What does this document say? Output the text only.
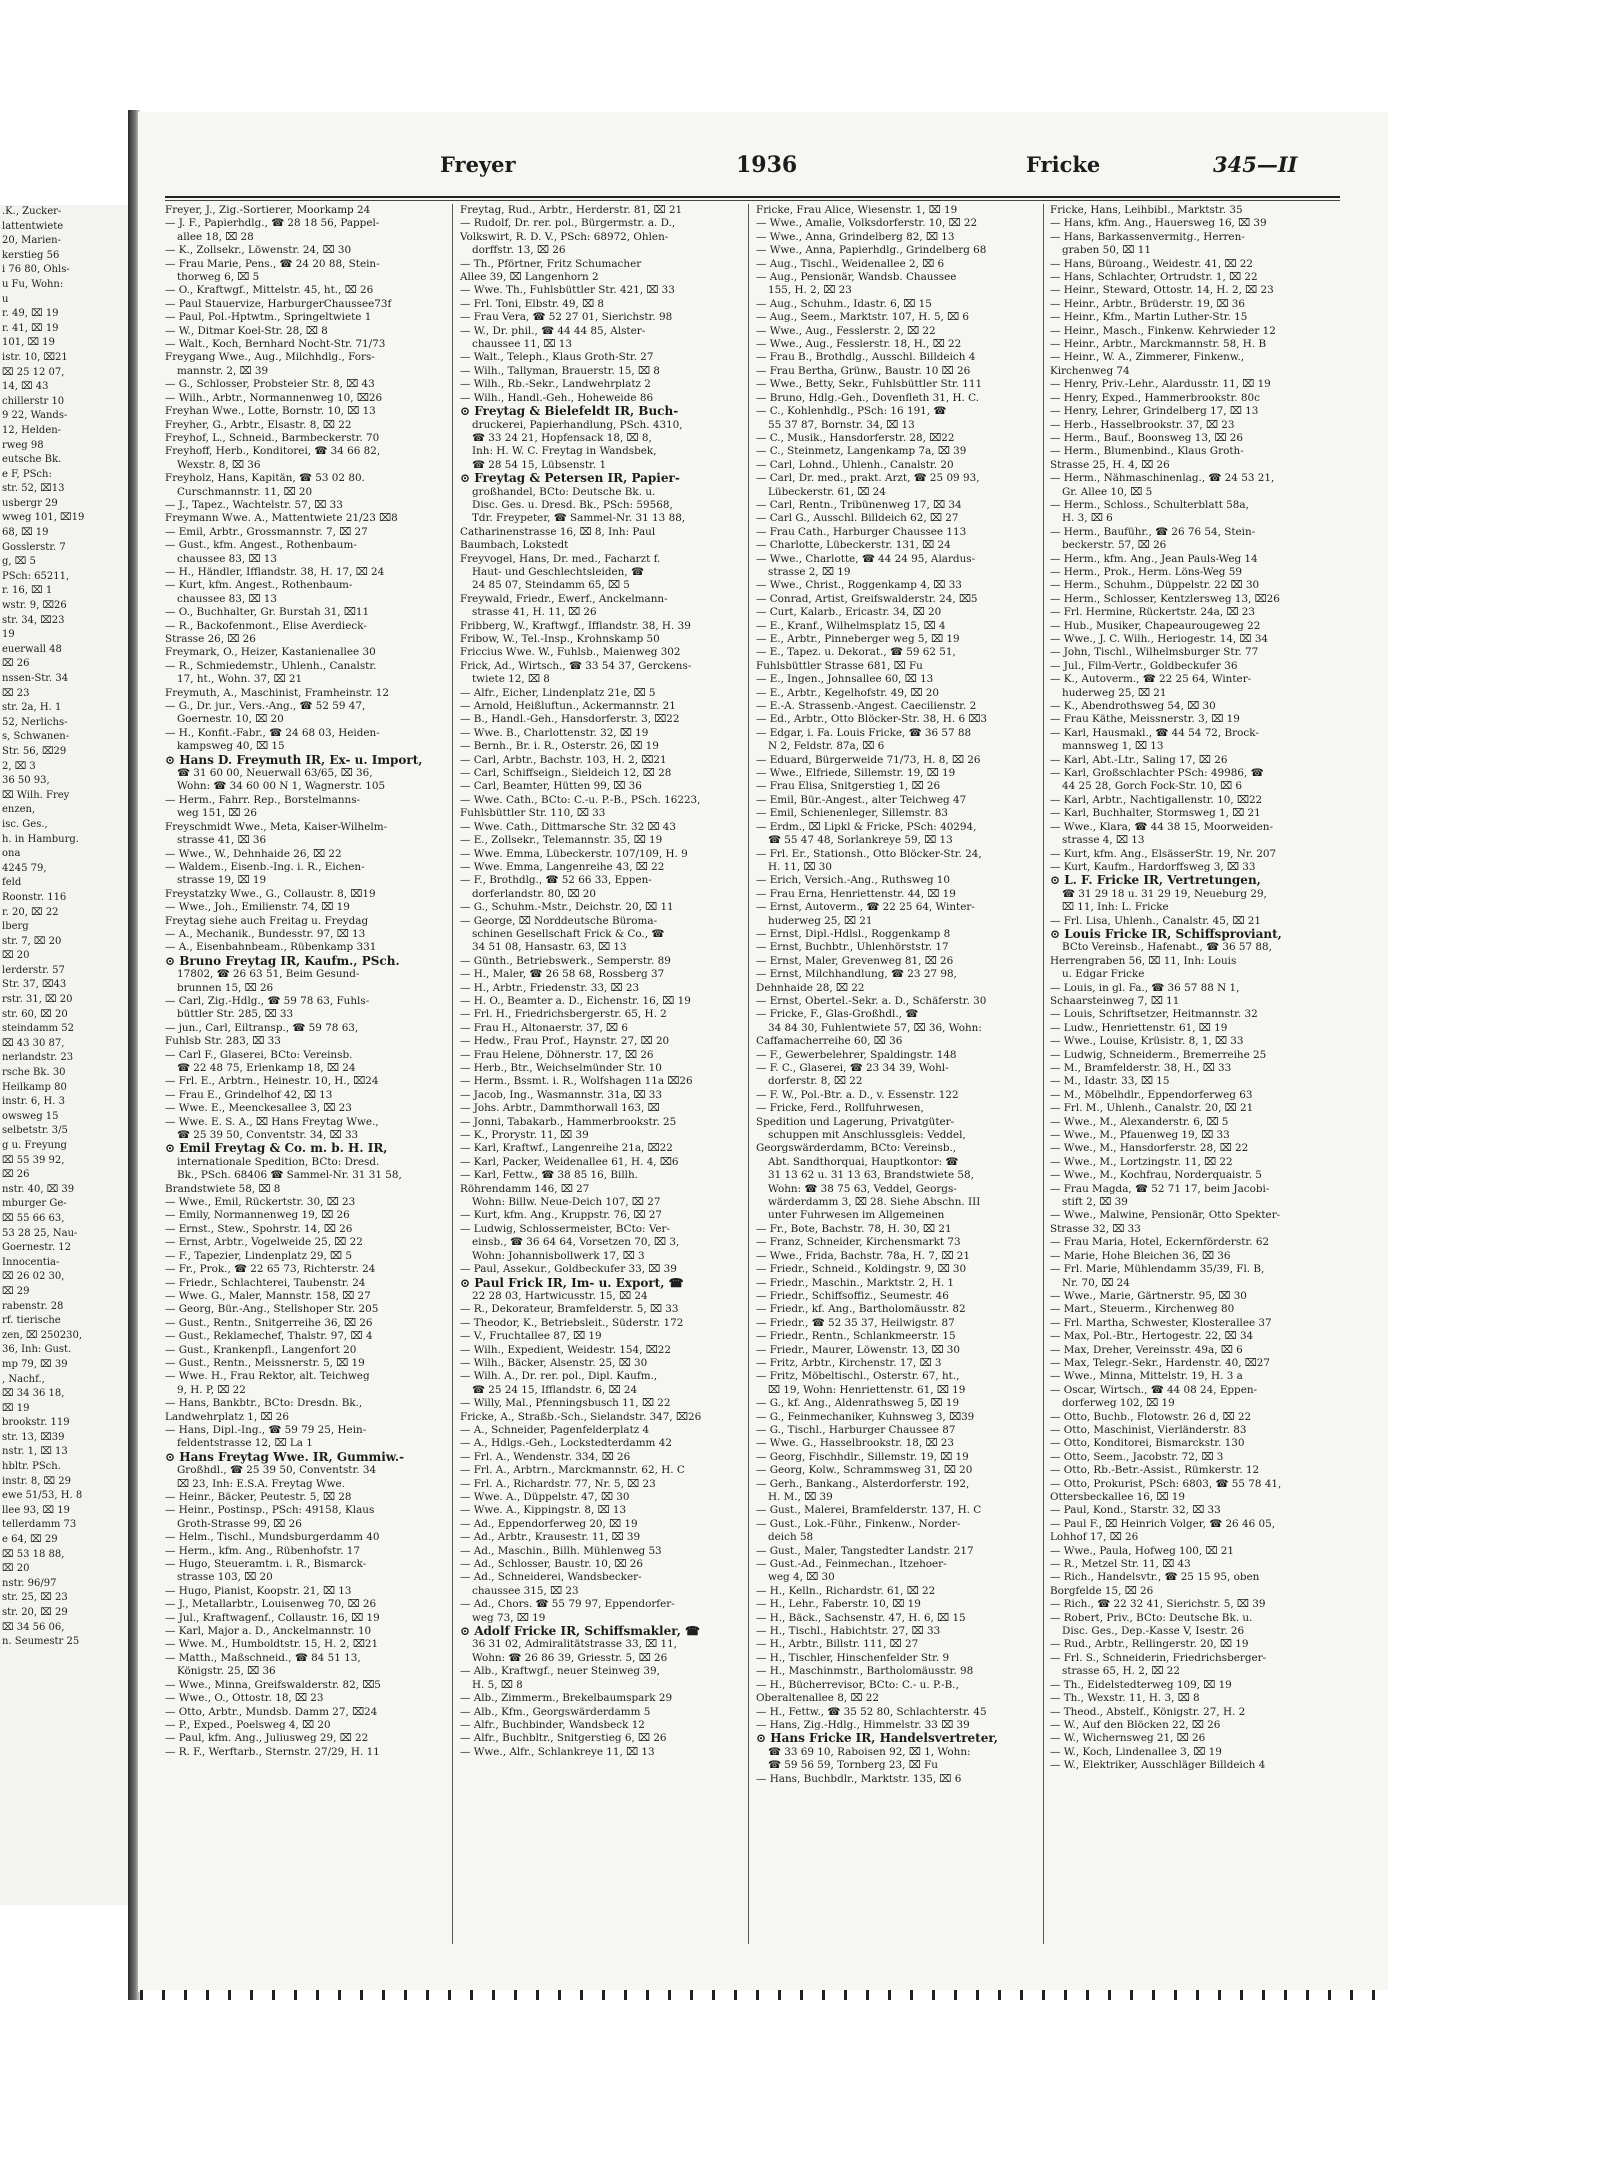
.K., Zucker-
lattentwiete
20, Marien-
kerstieg 56
i 76 80, Ohls-
u Fu, Wohn:
u
r. 49, ⌧ 19
r. 41, ⌧ 19
101, ⌧ 19
istr. 10, ⌧21
⌧ 25 12 07,
14, ⌧ 43
chillerstr 10
9 22, Wands-
12, Helden-
rweg 98
eutsche Bk.
e F, PSch:
str. 52, ⌧13
usbergr 29
wweg 101, ⌧19
68, ⌧ 19
Gosslerstr. 7
g, ⌧ 5
PSch: 65211,
r. 16, ⌧ 1
wstr. 9, ⌧26
str. 34, ⌧23
19
euerwall 48
⌧ 26
nssen-Str. 34
⌧ 23
str. 2a, H. 1
52, Nerlichs-
s, Schwanen-
Str. 56, ⌧29
2, ⌧ 3
36 50 93,
⌧ Wilh. Frey
enzen,
isc. Ges.,
h. in Hamburg.
ona
4245 79,
feld
Roonstr. 116
r. 20, ⌧ 22
lberg
str. 7, ⌧ 20
⌧ 20
lerderstr. 57
Str. 37, ⌧43
rstr. 31, ⌧ 20
str. 60, ⌧ 20
steindamm 52
⌧ 43 30 87,
nerlandstr. 23
rsche Bk. 30
Heilkamp 80
instr. 6, H. 3
owsweg 15
selbetstr. 3/5
g u. Freyung
⌧ 55 39 92,
⌧ 26
nstr. 40, ⌧ 39
mburger Ge-
⌧ 55 66 63,
53 28 25, Nau-
Goernestr. 12
Innocentia-
⌧ 26 02 30,
⌧ 29
rabenstr. 28
rf. tierische
zen, ⌧ 250230,
36, Inh: Gust.
mp 79, ⌧ 39
, Nachf.,
⌧ 34 36 18,
⌧ 19
brookstr. 119
str. 13, ⌧39
nstr. 1, ⌧ 13
hbltr. PSch.
instr. 8, ⌧ 29
ewe 51/53, H. 8
llee 93, ⌧ 19
tellerdamm 73
e 64, ⌧ 29
⌧ 53 18 88,
⌧ 20
nstr. 96/97
str. 25, ⌧ 23
str. 20, ⌧ 29
⌧ 34 56 06,
n. Seumestr 25
Freyer	1936	Fricke	345—II
Freyer, J., Zig.-Sortierer, Moorkamp 24
— J. F., Papierhdlg., ☎ 28 18 56, Pappel-
allee 18, ⌧ 28
— K., Zollsekr., Löwenstr. 24, ⌧ 30
— Frau Marie, Pens., ☎ 24 20 88, Stein-
thorweg 6, ⌧ 5
— O., Kraftwgf., Mittelstr. 45, ht., ⌧ 26
— Paul Stauervize, HarburgerChaussee73f
— Paul, Pol.-Hptwtm., Springeltwiete 1
— W., Ditmar Koel-Str. 28, ⌧ 8
— Walt., Koch, Bernhard Nocht-Str. 71/73
Freygang Wwe., Aug., Milchhdlg., Fors-
mannstr. 2, ⌧ 39
— G., Schlosser, Probsteier Str. 8, ⌧ 43
— Wilh., Arbtr., Normannenweg 10, ⌧26
Freyhan Wwe., Lotte, Bornstr. 10, ⌧ 13
Freyher, G., Arbtr., Elsastr. 8, ⌧ 22
Freyhof, L., Schneid., Barmbeckerstr. 70
Freyhoff, Herb., Konditorei, ☎ 34 66 82,
Wexstr. 8, ⌧ 36
Freyholz, Hans, Kapitän, ☎ 53 02 80.
Curschmannstr. 11, ⌧ 20
— J., Tapez., Wachtelstr. 57, ⌧ 33
Freymann Wwe. A., Mattentwiete 21/23 ⌧8
— Emil, Arbtr., Grossmannstr. 7, ⌧ 27
— Gust., kfm. Angest., Rothenbaum-
chaussee 83, ⌧ 13
— H., Händler, Ifflandstr. 38, H. 17, ⌧ 24
— Kurt, kfm. Angest., Rothenbaum-
chaussee 83, ⌧ 13
— O., Buchhalter, Gr. Burstah 31, ⌧11
— R., Backofenmont., Elise Averdieck-
Strasse 26, ⌧ 26
Freymark, O., Heizer, Kastanienallee 30
— R., Schmiedemstr., Uhlenh., Canalstr.
17, ht., Wohn. 37, ⌧ 21
Freymuth, A., Maschinist, Framheinstr. 12
— G., Dr. jur., Vers.-Ang., ☎ 52 59 47,
Goernestr. 10, ⌧ 20
— H., Konfit.-Fabr., ☎ 24 68 03, Heiden-
kampsweg 40, ⌧ 15
⊙ Hans D. Freymuth IR, Ex- u. Import,
☎ 31 60 00, Neuerwall 63/65, ⌧ 36,
Wohn: ☎ 34 60 00 N 1, Wagnerstr. 105
— Herm., Fahrr. Rep., Borstelmanns-
weg 151, ⌧ 26
Freyschmidt Wwe., Meta, Kaiser-Wilhelm-
strasse 41, ⌧ 36
— Wwe., W., Dehnhaide 26, ⌧ 22
— Waldem., Eisenb.-Ing. i. R., Eichen-
strasse 19, ⌧ 19
Freystatzky Wwe., G., Collaustr. 8, ⌧19
— Wwe., Joh., Emilienstr. 74, ⌧ 19
Freytag siehe auch Freitag u. Freydag
— A., Mechanik., Bundesstr. 97, ⌧ 13
— A., Eisenbahnbeam., Rübenkamp 331
⊙ Bruno Freytag IR, Kaufm., PSch.
17802, ☎ 26 63 51, Beim Gesund-
brunnen 15, ⌧ 26
— Carl, Zig.-Hdlg., ☎ 59 78 63, Fuhls-
büttler Str. 285, ⌧ 33
— jun., Carl, Eiltransp., ☎ 59 78 63,
Fuhlsb Str. 283, ⌧ 33
— Carl F., Glaserei, BCto: Vereinsb.
☎ 22 48 75, Erlenkamp 18, ⌧ 24
— Frl. E., Arbtrn., Heinestr. 10, H., ⌧24
— Frau E., Grindelhof 42, ⌧ 13
— Wwe. E., Meenckesallee 3, ⌧ 23
— Wwe. E. S. A., ⌧ Hans Freytag Wwe.,
☎ 25 39 50, Conventstr. 34, ⌧ 33
⊙ Emil Freytag & Co. m. b. H. IR,
internationale Spedition, BCto: Dresd.
Bk., PSch. 68406 ☎ Sammel-Nr. 31 31 58,
Brandstwiete 58, ⌧ 8
— Wwe., Emil, Rückertstr. 30, ⌧ 23
— Emily, Normannenweg 19, ⌧ 26
— Ernst., Stew., Spohrstr. 14, ⌧ 26
— Ernst, Arbtr., Vogelweide 25, ⌧ 22
— F., Tapezier, Lindenplatz 29, ⌧ 5
— Fr., Prok., ☎ 22 65 73, Richterstr. 24
— Friedr., Schlachterei, Taubenstr. 24
— Wwe. G., Maler, Mannstr. 158, ⌧ 27
— Georg, Bür.-Ang., Stellshoper Str. 205
— Gust., Rentn., Snitgerreihe 36, ⌧ 26
— Gust., Reklamechef, Thalstr. 97, ⌧ 4
— Gust., Krankenpfl., Langenfort 20
— Gust., Rentn., Meissnerstr. 5, ⌧ 19
— Wwe. H., Frau Rektor, alt. Teichweg
9, H. P, ⌧ 22
— Hans, Bankbtr., BCto: Dresdn. Bk.,
Landwehrplatz 1, ⌧ 26
— Hans, Dipl.-Ing., ☎ 59 79 25, Hein-
feldentstrasse 12, ⌧ La 1
⊙ Hans Freytag Wwe. IR, Gummiw.-
Großhdl., ☎ 25 39 50, Conventstr. 34
⌧ 23, Inh: E.S.A. Freytag Wwe.
— Heinr., Bäcker, Peutestr. 5, ⌧ 28
— Heinr., Postinsp., PSch: 49158, Klaus
Groth-Strasse 99, ⌧ 26
— Helm., Tischl., Mundsburgerdamm 40
— Herm., kfm. Ang., Rübenhofstr. 17
— Hugo, Steueramtm. i. R., Bismarck-
strasse 103, ⌧ 20
— Hugo, Pianist, Koopstr. 21, ⌧ 13
— J., Metallarbtr., Louisenweg 70, ⌧ 26
— Jul., Kraftwagenf., Collaustr. 16, ⌧ 19
— Karl, Major a. D., Anckelmannstr. 10
— Wwe. M., Humboldtstr. 15, H. 2, ⌧21
— Matth., Maßschneid., ☎ 84 51 13,
Königstr. 25, ⌧ 36
— Wwe., Minna, Greifswalderstr. 82, ⌧5
— Wwe., O., Ottostr. 18, ⌧ 23
— Otto, Arbtr., Mundsb. Damm 27, ⌧24
— P., Exped., Poelsweg 4, ⌧ 20
— Paul, kfm. Ang., Juliusweg 29, ⌧ 22
— R. F., Werftarb., Sternstr. 27/29, H. 11
Freytag, Rud., Arbtr., Herderstr. 81, ⌧ 21
— Rudolf, Dr. rer. pol., Bürgermstr. a. D.,
Volkswirt, R. D. V., PSch: 68972, Ohlen-
dorffstr. 13, ⌧ 26
— Th., Pförtner, Fritz Schumacher
Allee 39, ⌧ Langenhorn 2
— Wwe. Th., Fuhlsbüttler Str. 421, ⌧ 33
— Frl. Toni, Elbstr. 49, ⌧ 8
— Frau Vera, ☎ 52 27 01, Sierichstr. 98
— W., Dr. phil., ☎ 44 44 85, Alster-
chaussee 11, ⌧ 13
— Walt., Teleph., Klaus Groth-Str. 27
— Wilh., Tallyman, Brauerstr. 15, ⌧ 8
— Wilh., Rb.-Sekr., Landwehrplatz 2
— Wilh., Handl.-Geh., Hoheweide 86
⊙ Freytag & Bielefeldt IR, Buch-
druckerei, Papierhandlung, PSch. 4310,
☎ 33 24 21, Hopfensack 18, ⌧ 8,
Inh: H. W. C. Freytag in Wandsbek,
☎ 28 54 15, Lübsenstr. 1
⊙ Freytag & Petersen IR, Papier-
großhandel, BCto: Deutsche Bk. u.
Disc. Ges. u. Dresd. Bk., PSch: 59568,
Tdr. Freypeter, ☎ Sammel-Nr. 31 13 88,
Catharinenstrasse 16, ⌧ 8, Inh: Paul
Baumbach, Lokstedt
Freyvogel, Hans, Dr. med., Facharzt f.
Haut- und Geschlechtsleiden, ☎
24 85 07, Steindamm 65, ⌧ 5
Freywald, Friedr., Ewerf., Anckelmann-
strasse 41, H. 11, ⌧ 26
Fribberg, W., Kraftwgf., Ifflandstr. 38, H. 39
Fribow, W., Tel.-Insp., Krohnskamp 50
Friccius Wwe. W., Fuhlsb., Maienweg 302
Frick, Ad., Wirtsch., ☎ 33 54 37, Gerckens-
twiete 12, ⌧ 8
— Alfr., Eicher, Lindenplatz 21e, ⌧ 5
— Arnold, Heißluftun., Ackermannstr. 21
— B., Handl.-Geh., Hansdorferstr. 3, ⌧22
— Wwe. B., Charlottenstr. 32, ⌧ 19
— Bernh., Br. i. R., Osterstr. 26, ⌧ 19
— Carl, Arbtr., Bachstr. 103, H. 2, ⌧21
— Carl, Schiffseign., Sieldeich 12, ⌧ 28
— Carl, Beamter, Hütten 99, ⌧ 36
— Wwe. Cath., BCto: C.-u. P.-B., PSch. 16223,
Fuhlsbüttler Str. 110, ⌧ 33
— Wwe. Cath., Dittmarsche Str. 32 ⌧ 43
— E., Zollsekr., Telemannstr. 35, ⌧ 19
— Wwe. Emma, Lübeckerstr. 107/109, H. 9
— Wwe. Emma, Langenreihe 43, ⌧ 22
— F., Brothdlg., ☎ 52 66 33, Eppen-
dorferlandstr. 80, ⌧ 20
— G., Schuhm.-Mstr., Deichstr. 20, ⌧ 11
— George, ⌧ Norddeutsche Büroma-
schinen Gesellschaft Frick & Co., ☎
34 51 08, Hansastr. 63, ⌧ 13
— Günth., Betriebswerk., Semperstr. 89
— H., Maler, ☎ 26 58 68, Rossberg 37
— H., Arbtr., Friedenstr. 33, ⌧ 23
— H. O., Beamter a. D., Eichenstr. 16, ⌧ 19
— Frl. H., Friedrichsbergerstr. 65, H. 2
— Frau H., Altonaerstr. 37, ⌧ 6
— Hedw., Frau Prof., Haynstr. 27, ⌧ 20
— Frau Helene, Döhnerstr. 17, ⌧ 26
— Herb., Btr., Weichselmünder Str. 10
— Herm., Bssmt. i. R., Wolfshagen 11a ⌧26
— Jacob, Ing., Wasmannstr. 31a, ⌧ 33
— Johs. Arbtr., Dammthorwall 163, ⌧
— Jonni, Tabakarb., Hammerbrookstr. 25
— K., Prorystr. 11, ⌧ 39
— Karl, Kraftwf., Langenreihe 21a, ⌧22
— Karl, Packer, Weidenallee 61, H. 4, ⌧6
— Karl, Fettw., ☎ 38 85 16, Billh.
Röhrendamm 146, ⌧ 27
Wohn: Billw. Neue-Deich 107, ⌧ 27
— Kurt, kfm. Ang., Kruppstr. 76, ⌧ 27
— Ludwig, Schlossermeister, BCto: Ver-
einsb., ☎ 36 64 64, Vorsetzen 70, ⌧ 3,
Wohn: Johannisbollwerk 17, ⌧ 3
— Paul, Assekur., Goldbeckufer 33, ⌧ 39
⊙ Paul Frick IR, Im- u. Export, ☎
22 28 03, Hartwicusstr. 15, ⌧ 24
— R., Dekorateur, Bramfelderstr. 5, ⌧ 33
— Theodor, K., Betriebsleit., Süderstr. 172
— V., Fruchtallee 87, ⌧ 19
— Wilh., Expedient, Weidestr. 154, ⌧22
— Wilh., Bäcker, Alsenstr. 25, ⌧ 30
— Wilh. A., Dr. rer. pol., Dipl. Kaufm.,
☎ 25 24 15, Ifflandstr. 6, ⌧ 24
— Willy, Mal., Pfenningsbusch 11, ⌧ 22
Fricke, A., Straßb.-Sch., Sielandstr. 347, ⌧26
— A., Schneider, Pagenfelderplatz 4
— A., Hdlgs.-Geh., Lockstedterdamm 42
— Frl. A., Wendenstr. 334, ⌧ 26
— Frl. A., Arbtrn., Marckmannstr. 62, H. C
— Frl. A., Richardstr. 77, Nr. 5, ⌧ 23
— Wwe. A., Düppelstr. 47, ⌧ 30
— Wwe. A., Kippingstr. 8, ⌧ 13
— Ad., Eppendorferweg 20, ⌧ 19
— Ad., Arbtr., Krausestr. 11, ⌧ 39
— Ad., Maschin., Billh. Mühlenweg 53
— Ad., Schlosser, Baustr. 10, ⌧ 26
— Ad., Schneiderei, Wandsbecker-
chaussee 315, ⌧ 23
— Ad., Chors. ☎ 55 79 97, Eppendorfer-
weg 73, ⌧ 19
⊙ Adolf Fricke IR, Schiffsmakler, ☎
36 31 02, Admiralitätstrasse 33, ⌧ 11,
Wohn: ☎ 26 86 39, Griesstr. 5, ⌧ 26
— Alb., Kraftwgf., neuer Steinweg 39,
H. 5, ⌧ 8
— Alb., Zimmerm., Brekelbaumspark 29
— Alb., Kfm., Georgswärderdamm 5
— Alfr., Buchbinder, Wandsbeck 12
— Alfr., Buchbltr., Snitgerstieg 6, ⌧ 26
— Wwe., Alfr., Schlankreye 11, ⌧ 13
Fricke, Frau Alice, Wiesenstr. 1, ⌧ 19
— Wwe., Amalie, Volksdorferstr. 10, ⌧ 22
— Wwe., Anna, Grindelberg 82, ⌧ 13
— Wwe., Anna, Papierhdlg., Grindelberg 68
— Aug., Tischl., Weidenallee 2, ⌧ 6
— Aug., Pensionär, Wandsb. Chaussee
155, H. 2, ⌧ 23
— Aug., Schuhm., Idastr. 6, ⌧ 15
— Aug., Seem., Marktstr. 107, H. 5, ⌧ 6
— Wwe., Aug., Fesslerstr. 2, ⌧ 22
— Wwe., Aug., Fesslerstr. 18, H., ⌧ 22
— Frau B., Brothdlg., Ausschl. Billdeich 4
— Frau Bertha, Grünw., Baustr. 10 ⌧ 26
— Wwe., Betty, Sekr., Fuhlsbüttler Str. 111
— Bruno, Hdlg.-Geh., Dovenfleth 31, H. C.
— C., Kohlenhdlg., PSch: 16 191, ☎
55 37 87, Bornstr. 34, ⌧ 13
— C., Musik., Hansdorferstr. 28, ⌧22
— C., Steinmetz, Langenkamp 7a, ⌧ 39
— Carl, Lohnd., Uhlenh., Canalstr. 20
— Carl, Dr. med., prakt. Arzt, ☎ 25 09 93,
Lübeckerstr. 61, ⌧ 24
— Carl, Rentn., Tribünenweg 17, ⌧ 34
— Carl G., Ausschl. Billdeich 62, ⌧ 27
— Frau Cath., Harburger Chaussee 113
— Charlotte, Lübeckerstr. 131, ⌧ 24
— Wwe., Charlotte, ☎ 44 24 95, Alardus-
strasse 2, ⌧ 19
— Wwe., Christ., Roggenkamp 4, ⌧ 33
— Conrad, Artist, Greifswalderstr. 24, ⌧5
— Curt, Kalarb., Ericastr. 34, ⌧ 20
— E., Kranf., Wilhelmsplatz 15, ⌧ 4
— E., Arbtr., Pinneberger weg 5, ⌧ 19
— E., Tapez. u. Dekorat., ☎ 59 62 51,
Fuhlsbüttler Strasse 681, ⌧ Fu
— E., Ingen., Johnsallee 60, ⌧ 13
— E., Arbtr., Kegelhofstr. 49, ⌧ 20
— E.-A. Strassenb.-Angest. Caecilienstr. 2
— Ed., Arbtr., Otto Blöcker-Str. 38, H. 6 ⌧3
— Edgar, i. Fa. Louis Fricke, ☎ 36 57 88
N 2, Feldstr. 87a, ⌧ 6
— Eduard, Bürgerweide 71/73, H. 8, ⌧ 26
— Wwe., Elfriede, Sillemstr. 19, ⌧ 19
— Frau Elisa, Snitgerstieg 1, ⌧ 26
— Emil, Bür.-Angest., alter Teichweg 47
— Emil, Schienenleger, Sillemstr. 83
— Erdm., ⌧ Lipkl & Fricke, PSch: 40294,
☎ 55 47 48, Sorlankreye 59, ⌧ 13
— Frl. Er., Stationsh., Otto Blöcker-Str. 24,
H. 11, ⌧ 30
— Erich, Versich.-Ang., Ruthsweg 10
— Frau Erna, Henriettenstr. 44, ⌧ 19
— Ernst, Autoverm., ☎ 22 25 64, Winter-
huderweg 25, ⌧ 21
— Ernst, Dipl.-Hdlsl., Roggenkamp 8
— Ernst, Buchbtr., Uhlenhörststr. 17
— Ernst, Maler, Grevenweg 81, ⌧ 26
— Ernst, Milchhandlung, ☎ 23 27 98,
Dehnhaide 28, ⌧ 22
— Ernst, Obertel.-Sekr. a. D., Schäferstr. 30
— Fricke, F., Glas-Großhdl., ☎
34 84 30, Fuhlentwiete 57, ⌧ 36, Wohn:
Caffamacherreihe 60, ⌧ 36
— F., Gewerbelehrer, Spaldingstr. 148
— F. C., Glaserei, ☎ 23 34 39, Wohl-
dorferstr. 8, ⌧ 22
— F. W., Pol.-Btr. a. D., v. Essenstr. 122
— Fricke, Ferd., Rollfuhrwesen,
Spedition und Lagerung, Privatgüter-
schuppen mit Anschlussgleis: Veddel,
Georgswärderdamm, BCto: Vereinsb.,
Abt. Sandthorquai, Hauptkontor: ☎
31 13 62 u. 31 13 63, Brandstwiete 58,
Wohn: ☎ 38 75 63, Veddel, Georgs-
wärderdamm 3, ⌧ 28. Siehe Abschn. III
unter Fuhrwesen im Allgemeinen
— Fr., Bote, Bachstr. 78, H. 30, ⌧ 21
— Franz, Schneider, Kirchensmarkt 73
— Wwe., Frida, Bachstr. 78a, H. 7, ⌧ 21
— Friedr., Schneid., Koldingstr. 9, ⌧ 30
— Friedr., Maschin., Marktstr. 2, H. 1
— Friedr., Schiffsoffiz., Seumestr. 46
— Friedr., kf. Ang., Bartholomäusstr. 82
— Friedr., ☎ 52 35 37, Heilwigstr. 87
— Friedr., Rentn., Schlankmeerstr. 15
— Friedr., Maurer, Löwenstr. 13, ⌧ 30
— Fritz, Arbtr., Kirchenstr. 17, ⌧ 3
— Fritz, Möbeltischl., Osterstr. 67, ht.,
⌧ 19, Wohn: Henriettenstr. 61, ⌧ 19
— G., kf. Ang., Aldenrathsweg 5, ⌧ 19
— G., Feinmechaniker, Kuhnsweg 3, ⌧39
— G., Tischl., Harburger Chaussee 87
— Wwe. G., Hasselbrookstr. 18, ⌧ 23
— Georg, Fischhdlr., Sillemstr. 19, ⌧ 19
— Georg, Kolw., Schrammsweg 31, ⌧ 20
— Gerh., Bankang., Alsterdorferstr. 192,
H. M., ⌧ 39
— Gust., Malerei, Bramfelderstr. 137, H. C
— Gust., Lok.-Führ., Finkenw., Norder-
deich 58
— Gust., Maler, Tangstedter Landstr. 217
— Gust.-Ad., Feinmechan., Itzehoer-
weg 4, ⌧ 30
— H., Kelln., Richardstr. 61, ⌧ 22
— H., Lehr., Faberstr. 10, ⌧ 19
— H., Bäck., Sachsenstr. 47, H. 6, ⌧ 15
— H., Tischl., Habichtstr. 27, ⌧ 33
— H., Arbtr., Billstr. 111, ⌧ 27
— H., Tischler, Hinschenfelder Str. 9
— H., Maschinmstr., Bartholomäusstr. 98
— H., Bücherrevisor, BCto: C.- u. P.-B.,
Oberaltenallee 8, ⌧ 22
— H., Fettw., ☎ 35 52 80, Schlachterstr. 45
— Hans, Zig.-Hdlg., Himmelstr. 33 ⌧ 39
⊙ Hans Fricke IR, Handelsvertreter,
☎ 33 69 10, Raboisen 92, ⌧ 1, Wohn:
☎ 59 56 59, Tornberg 23, ⌧ Fu
— Hans, Buchbdlr., Marktstr. 135, ⌧ 6
Fricke, Hans, Leihbibl., Marktstr. 35
— Hans, kfm. Ang., Hauersweg 16, ⌧ 39
— Hans, Barkassenvermitg., Herren-
graben 50, ⌧ 11
— Hans, Büroang., Weidestr. 41, ⌧ 22
— Hans, Schlachter, Ortrudstr. 1, ⌧ 22
— Heinr., Steward, Ottostr. 14, H. 2, ⌧ 23
— Heinr., Arbtr., Brüderstr. 19, ⌧ 36
— Heinr., Kfm., Martin Luther-Str. 15
— Heinr., Masch., Finkenw. Kehrwieder 12
— Heinr., Arbtr., Marckmannstr. 58, H. B
— Heinr., W. A., Zimmerer, Finkenw.,
Kirchenweg 74
— Henry, Priv.-Lehr., Alardusstr. 11, ⌧ 19
— Henry, Exped., Hammerbrookstr. 80c
— Henry, Lehrer, Grindelberg 17, ⌧ 13
— Herb., Hasselbrookstr. 37, ⌧ 23
— Herm., Bauf., Boonsweg 13, ⌧ 26
— Herm., Blumenbind., Klaus Groth-
Strasse 25, H. 4, ⌧ 26
— Herm., Nähmaschinenlag., ☎ 24 53 21,
Gr. Allee 10, ⌧ 5
— Herm., Schloss., Schulterblatt 58a,
H. 3, ⌧ 6
— Herm., Bauführ., ☎ 26 76 54, Stein-
beckerstr. 57, ⌧ 26
— Herm., kfm. Ang., Jean Pauls-Weg 14
— Herm., Prok., Herm. Löns-Weg 59
— Herm., Schuhm., Düppelstr. 22 ⌧ 30
— Herm., Schlosser, Kentzlersweg 13, ⌧26
— Frl. Hermine, Rückertstr. 24a, ⌧ 23
— Hub., Musiker, Chapeaurougeweg 22
— Wwe., J. C. Wilh., Heriogestr. 14, ⌧ 34
— John, Tischl., Wilhelmsburger Str. 77
— Jul., Film-Vertr., Goldbeckufer 36
— K., Autoverm., ☎ 22 25 64, Winter-
huderweg 25, ⌧ 21
— K., Abendrothsweg 54, ⌧ 30
— Frau Käthe, Meissnerstr. 3, ⌧ 19
— Karl, Hausmakl., ☎ 44 54 72, Brock-
mannsweg 1, ⌧ 13
— Karl, Abt.-Ltr., Saling 17, ⌧ 26
— Karl, Großschlachter PSch: 49986, ☎
44 25 28, Gorch Fock-Str. 10, ⌧ 6
— Karl, Arbtr., Nachtigallenstr. 10, ⌧22
— Karl, Buchhalter, Stormsweg 1, ⌧ 21
— Wwe., Klara, ☎ 44 38 15, Moorweiden-
strasse 4, ⌧ 13
— Kurt, kfm. Ang., ElsässerStr. 19, Nr. 207
— Kurt, Kaufm., Hardorffsweg 3, ⌧ 33
⊙ L. F. Fricke IR, Vertretungen,
☎ 31 29 18 u. 31 29 19, Neueburg 29,
⌧ 11, Inh: L. Fricke
— Frl. Lisa, Uhlenh., Canalstr. 45, ⌧ 21
⊙ Louis Fricke IR, Schiffsproviant,
BCto Vereinsb., Hafenabt., ☎ 36 57 88,
Herrengraben 56, ⌧ 11, Inh: Louis
u. Edgar Fricke
— Louis, in gl. Fa., ☎ 36 57 88 N 1,
Schaarsteinweg 7, ⌧ 11
— Louis, Schriftsetzer, Heitmannstr. 32
— Ludw., Henriettenstr. 61, ⌧ 19
— Wwe., Louise, Krüsistr. 8, 1, ⌧ 33
— Ludwig, Schneiderm., Bremerreihe 25
— M., Bramfelderstr. 38, H., ⌧ 33
— M., Idastr. 33, ⌧ 15
— M., Möbelhdlr., Eppendorferweg 63
— Frl. M., Uhlenh., Canalstr. 20, ⌧ 21
— Wwe., M., Alexanderstr. 6, ⌧ 5
— Wwe., M., Pfauenweg 19, ⌧ 33
— Wwe., M., Hansdorferstr. 28, ⌧ 22
— Wwe., M., Lortzingstr. 11, ⌧ 22
— Wwe., M., Kochfrau, Norderquaistr. 5
— Frau Magda, ☎ 52 71 17, beim Jacobi-
stift 2, ⌧ 39
— Wwe., Malwine, Pensionär, Otto Spekter-
Strasse 32, ⌧ 33
— Frau Maria, Hotel, Eckernförderstr. 62
— Marie, Hohe Bleichen 36, ⌧ 36
— Frl. Marie, Mühlendamm 35/39, Fl. B,
Nr. 70, ⌧ 24
— Wwe., Marie, Gärtnerstr. 95, ⌧ 30
— Mart., Steuerm., Kirchenweg 80
— Frl. Martha, Schwester, Klosterallee 37
— Max, Pol.-Btr., Hertogestr. 22, ⌧ 34
— Max, Dreher, Vereinsstr. 49a, ⌧ 6
— Max, Telegr.-Sekr., Hardenstr. 40, ⌧27
— Wwe., Minna, Mittelstr. 19, H. 3 a
— Oscar, Wirtsch., ☎ 44 08 24, Eppen-
dorferweg 102, ⌧ 19
— Otto, Buchb., Flotowstr. 26 d, ⌧ 22
— Otto, Maschinist, Vierländerstr. 83
— Otto, Konditorei, Bismarckstr. 130
— Otto, Seem., Jacobstr. 72, ⌧ 3
— Otto, Rb.-Betr.-Assist., Rümkerstr. 12
— Otto, Prokurist, PSch: 6803, ☎ 55 78 41,
Ottersbeckallee 16, ⌧ 19
— Paul, Kond., Starstr. 32, ⌧ 33
— Paul F., ⌧ Heinrich Volger, ☎ 26 46 05,
Lohhof 17, ⌧ 26
— Wwe., Paula, Hofweg 100, ⌧ 21
— R., Metzel Str. 11, ⌧ 43
— Rich., Handelsvtr., ☎ 25 15 95, oben
Borgfelde 15, ⌧ 26
— Rich., ☎ 22 32 41, Sierichstr. 5, ⌧ 39
— Robert, Priv., BCto: Deutsche Bk. u.
Disc. Ges., Dep.-Kasse V, Isestr. 26
— Rud., Arbtr., Rellingerstr. 20, ⌧ 19
— Frl. S., Schneiderin, Friedrichsberger-
strasse 65, H. 2, ⌧ 22
— Th., Eidelstedterweg 109, ⌧ 19
— Th., Wexstr. 11, H. 3, ⌧ 8
— Theod., Abstelf., Königstr. 27, H. 2
— W., Auf den Blöcken 22, ⌧ 26
— W., Wichernsweg 21, ⌧ 26
— W., Koch, Lindenallee 3, ⌧ 19
— W., Elektriker, Ausschläger Billdeich 4
